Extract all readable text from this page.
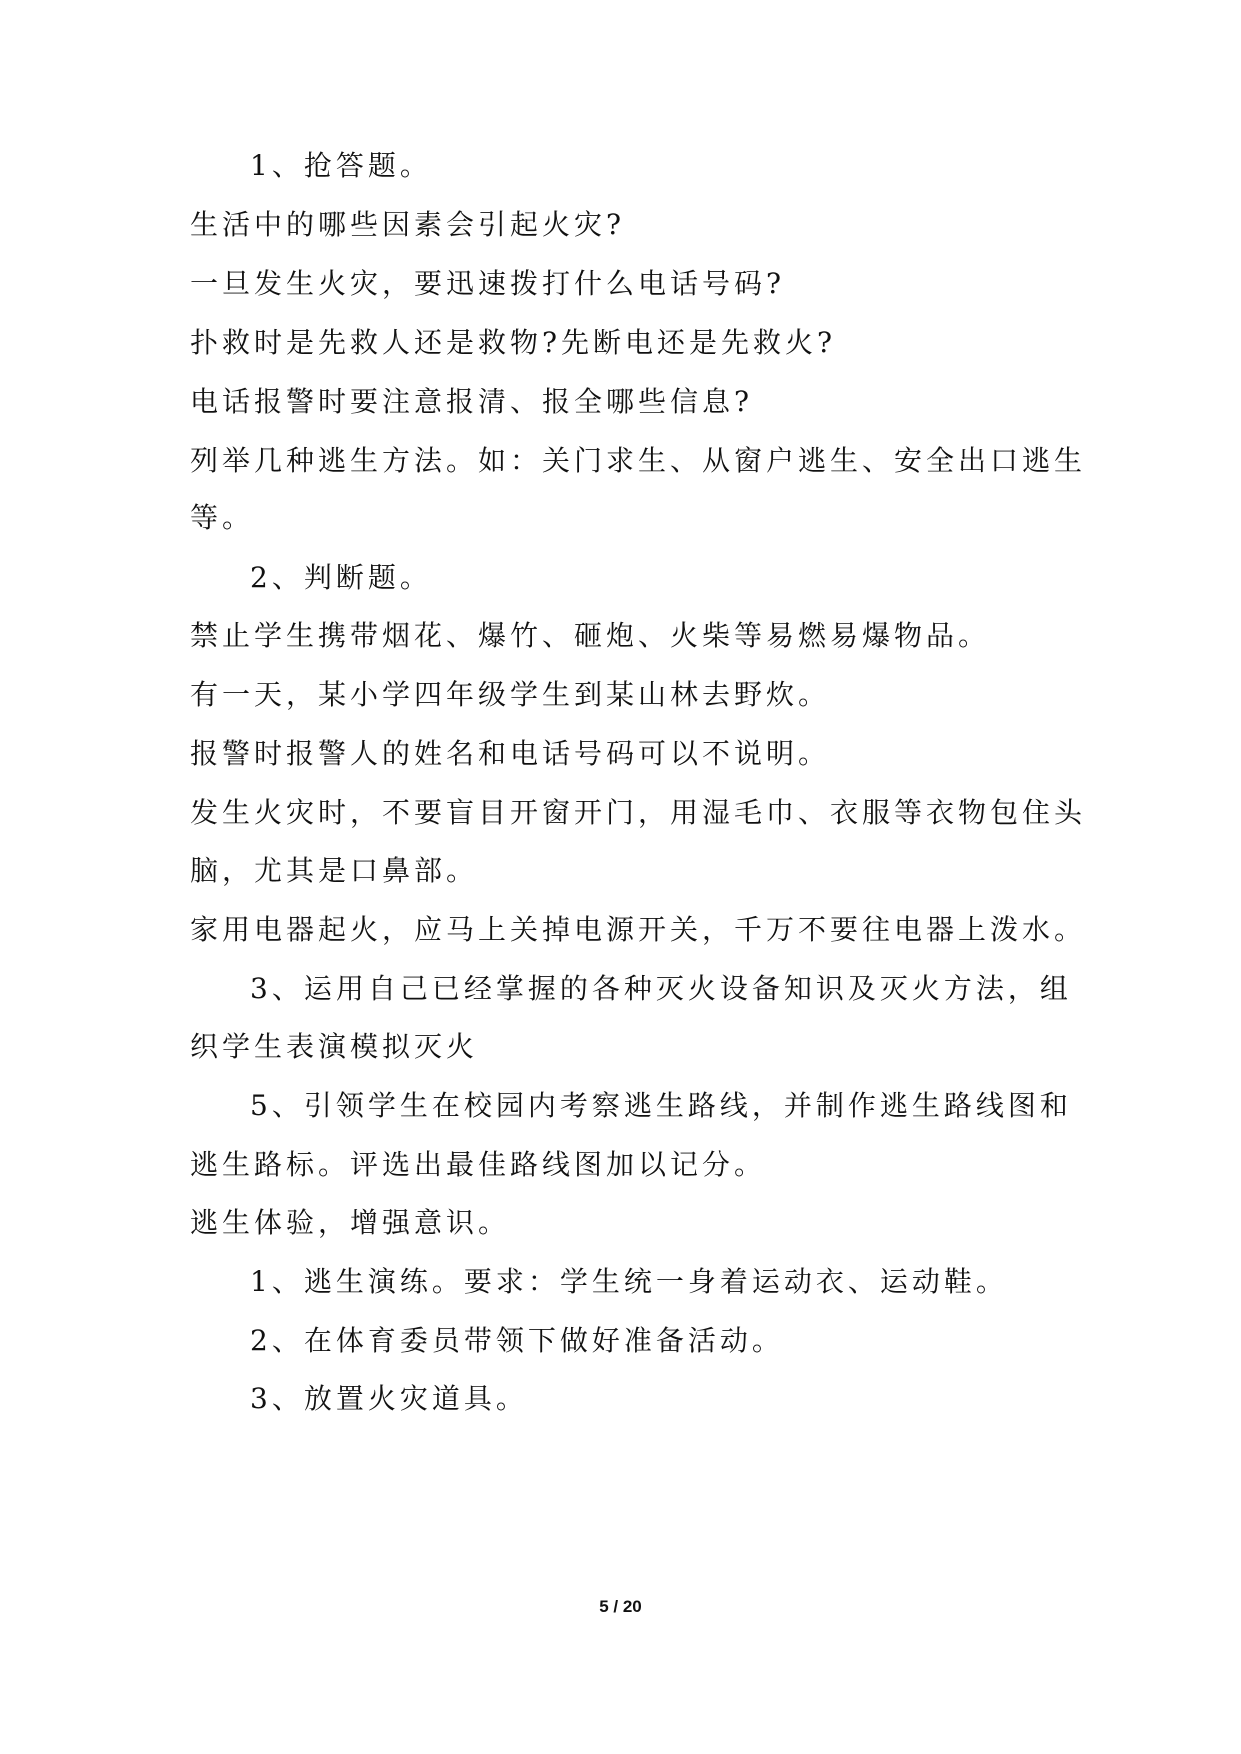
1、抢答题。

生活中的哪些因素会引起火灾?

一旦发生火灾，要迅速拨打什么电话号码?

扑救时是先救人还是救物?先断电还是先救火?

电话报警时要注意报清、报全哪些信息?

列举几种逃生方法。如：关门求生、从窗户逃生、安全出口逃生

等。

2、判断题。

禁止学生携带烟花、爆竹、砸炮、火柴等易燃易爆物品。

有一天，某小学四年级学生到某山林去野炊。

报警时报警人的姓名和电话号码可以不说明。

发生火灾时，不要盲目开窗开门，用湿毛巾、衣服等衣物包住头

脑，尤其是口鼻部。

家用电器起火，应马上关掉电源开关，千万不要往电器上泼水。

3、运用自己已经掌握的各种灭火设备知识及灭火方法，组

织学生表演模拟灭火

5、引领学生在校园内考察逃生路线，并制作逃生路线图和

逃生路标。评选出最佳路线图加以记分。

逃生体验，增强意识。

1、逃生演练。要求：学生统一身着运动衣、运动鞋。

2、在体育委员带领下做好准备活动。

3、放置火灾道具。

5 / 20
